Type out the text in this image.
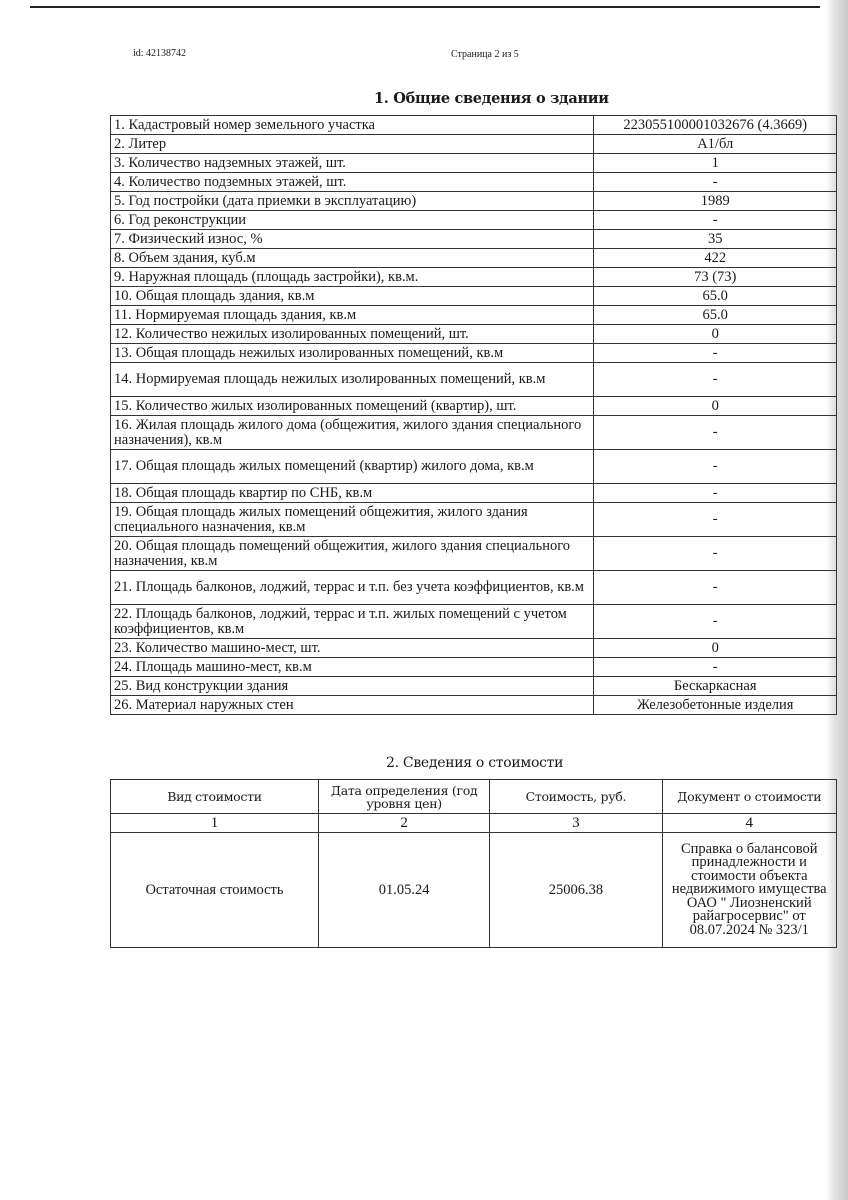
id: 42138742	Страница 2 из 5
1. Общие сведения о здании
1. Кадастровый номер земельного участка	223055100001032676 (4.3669)
2. Литер	А1/бл
3. Количество надземных этажей, шт.	1
4. Количество подземных этажей, шт.	-
5. Год постройки (дата приемки в эксплуатацию)	1989
6. Год реконструкции	-
7. Физический износ, %	35
8. Объем здания, куб.м	422
9. Наружная площадь (площадь застройки), кв.м.	73 (73)
10. Общая площадь здания, кв.м	65.0
11. Нормируемая площадь здания, кв.м	65.0
12. Количество нежилых изолированных помещений, шт.	0
13. Общая площадь нежилых изолированных помещений, кв.м	-
14. Нормируемая площадь нежилых изолированных помещений, кв.м	-
15. Количество жилых изолированных помещений (квартир), шт.	0
16. Жилая площадь жилого дома (общежития, жилого здания специального назначения), кв.м	-
17. Общая площадь жилых помещений (квартир) жилого дома, кв.м	-
18. Общая площадь квартир по СНБ, кв.м	-
19. Общая площадь жилых помещений общежития, жилого здания специального назначения, кв.м	-
20. Общая площадь помещений общежития, жилого здания специального назначения, кв.м	-
21. Площадь балконов, лоджий, террас и т.п. без учета коэффициентов, кв.м	-
22. Площадь балконов, лоджий, террас и т.п. жилых помещений с учетом коэффициентов, кв.м	-
23. Количество машино-мест, шт.	0
24. Площадь машино-мест, кв.м	-
25. Вид конструкции здания	Бескаркасная
26. Материал наружных стен	Железобетонные изделия
2. Сведения о стоимости
Вид стоимости	Дата определения (год уровня цен)	Стоимость, руб.	Документ о стоимости
1	2	3	4
Остаточная стоимость	01.05.24	25006.38	Справка о балансовой принадлежности и стоимости объекта недвижимого имущества ОАО " Лиозненский райагросервис" от 08.07.2024 № 323/1
